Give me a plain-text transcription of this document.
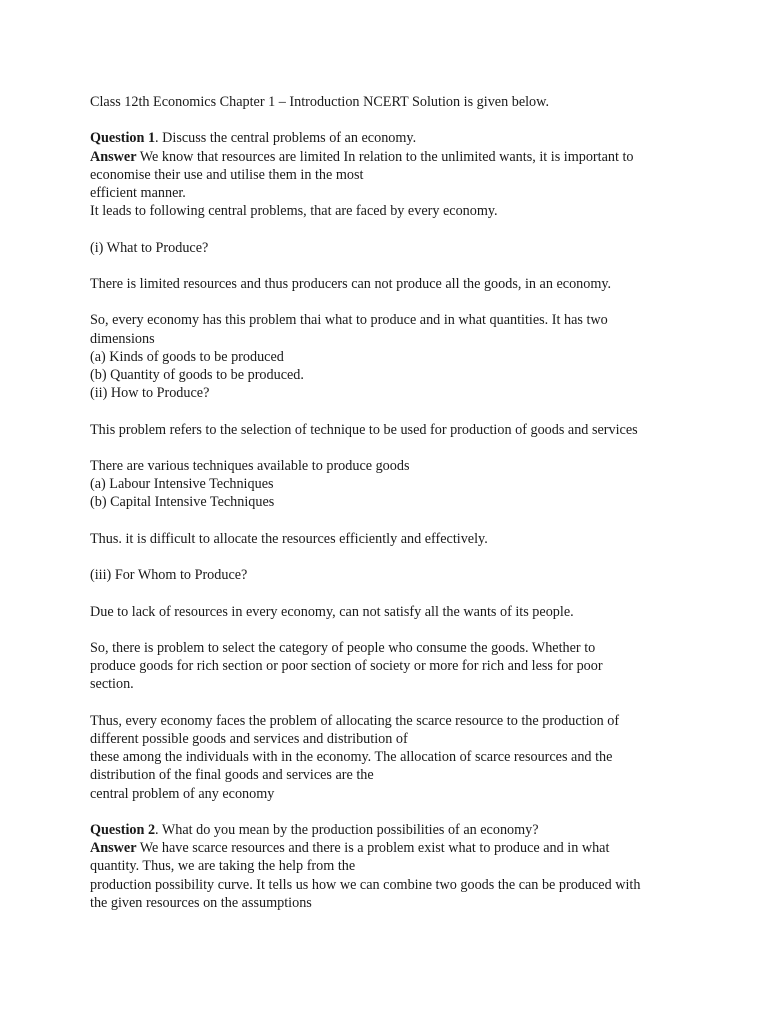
Class 12th Economics Chapter 1 – Introduction NCERT Solution is given below.

Question 1. Discuss the central problems of an economy.
Answer We know that resources are limited In relation to the unlimited wants, it is important to
economise their use and utilise them in the most
efficient manner.
It leads to following central problems, that are faced by every economy.

(i) What to Produce?

There is limited resources and thus producers can not produce all the goods, in an economy.

So, every economy has this problem thai what to produce and in what quantities. It has two
dimensions
(a) Kinds of goods to be produced
(b) Quantity of goods to be produced.
(ii) How to Produce?

This problem refers to the selection of technique to be used for production of goods and services

There are various techniques available to produce goods
(a) Labour Intensive Techniques
(b) Capital Intensive Techniques

Thus. it is difficult to allocate the resources efficiently and effectively.

(iii) For Whom to Produce?

Due to lack of resources in every economy, can not satisfy all the wants of its people.

So, there is problem to select the category of people who consume the goods. Whether to
produce goods for rich section or poor section of society or more for rich and less for poor
section.

Thus, every economy faces the problem of allocating the scarce resource to the production of
different possible goods and services and distribution of
these among the individuals with in the economy. The allocation of scarce resources and the
distribution of the final goods and services are the
central problem of any economy

Question 2. What do you mean by the production possibilities of an economy?
Answer We have scarce resources and there is a problem exist what to produce and in what
quantity. Thus, we are taking the help from the
production possibility curve. It tells us how we can combine two goods the can be produced with
the given resources on the assumptions
